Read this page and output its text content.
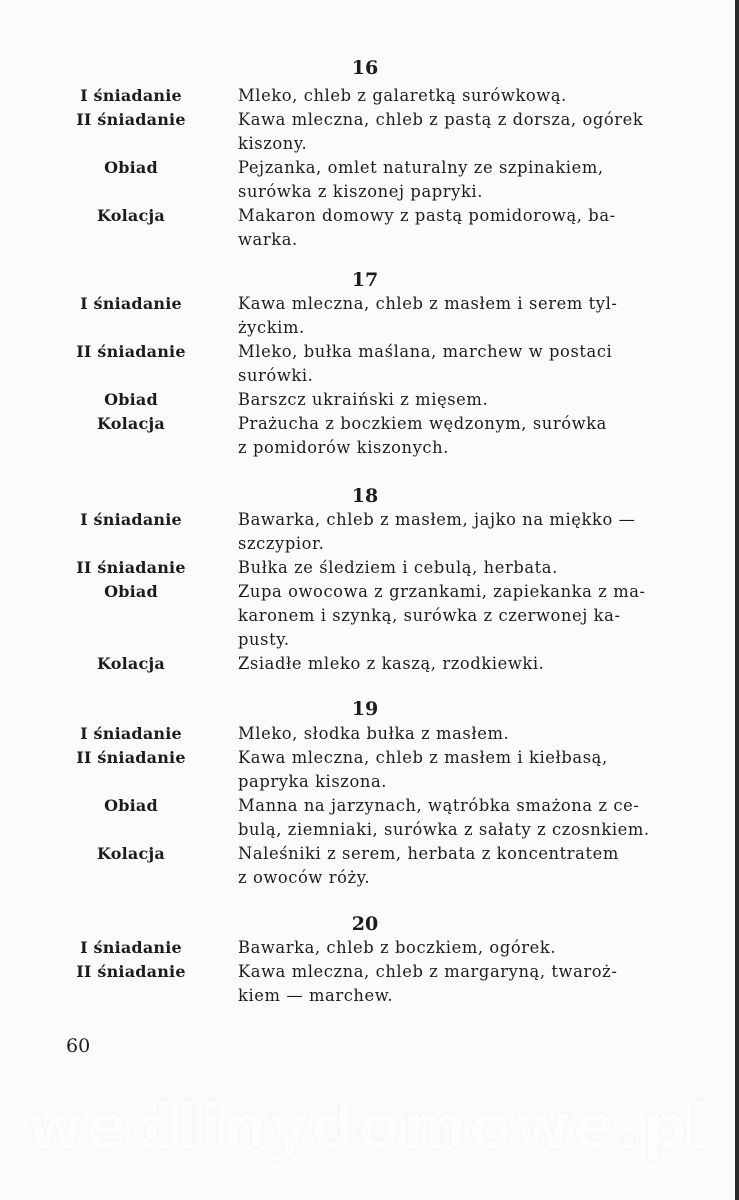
16
I śniadanie	Mleko, chleb z galaretką surówkową.
II śniadanie	Kawa mleczna, chleb z pastą z dorsza, ogórek
kiszony.
Obiad	Pejzanka, omlet naturalny ze szpinakiem,
surówka z kiszonej papryki.
Kolacja	Makaron domowy z pastą pomidorową, ba-
warka.
17
I śniadanie	Kawa mleczna, chleb z masłem i serem tyl-
życkim.
II śniadanie	Mleko, bułka maślana, marchew w postaci
surówki.
Obiad	Barszcz ukraiński z mięsem.
Kolacja	Prażucha z boczkiem wędzonym, surówka
z pomidorów kiszonych.
18
I śniadanie	Bawarka, chleb z masłem, jajko na miękko —
szczypior.
II śniadanie	Bułka ze śledziem i cebulą, herbata.
Obiad	Zupa owocowa z grzankami, zapiekanka z ma-
karonem i szynką, surówka z czerwonej ka-
pusty.
Kolacja	Zsiadłe mleko z kaszą, rzodkiewki.
19
I śniadanie	Mleko, słodka bułka z masłem.
II śniadanie	Kawa mleczna, chleb z masłem i kiełbasą,
papryka kiszona.
Obiad	Manna na jarzynach, wątróbka smażona z ce-
bulą, ziemniaki, surówka z sałaty z czosnkiem.
Kolacja	Naleśniki z serem, herbata z koncentratem
z owoców róży.
20
I śniadanie	Bawarka, chleb z boczkiem, ogórek.
II śniadanie	Kawa mleczna, chleb z margaryną, twaroż-
kiem — marchew.
60
wedlinydomowe.pl
